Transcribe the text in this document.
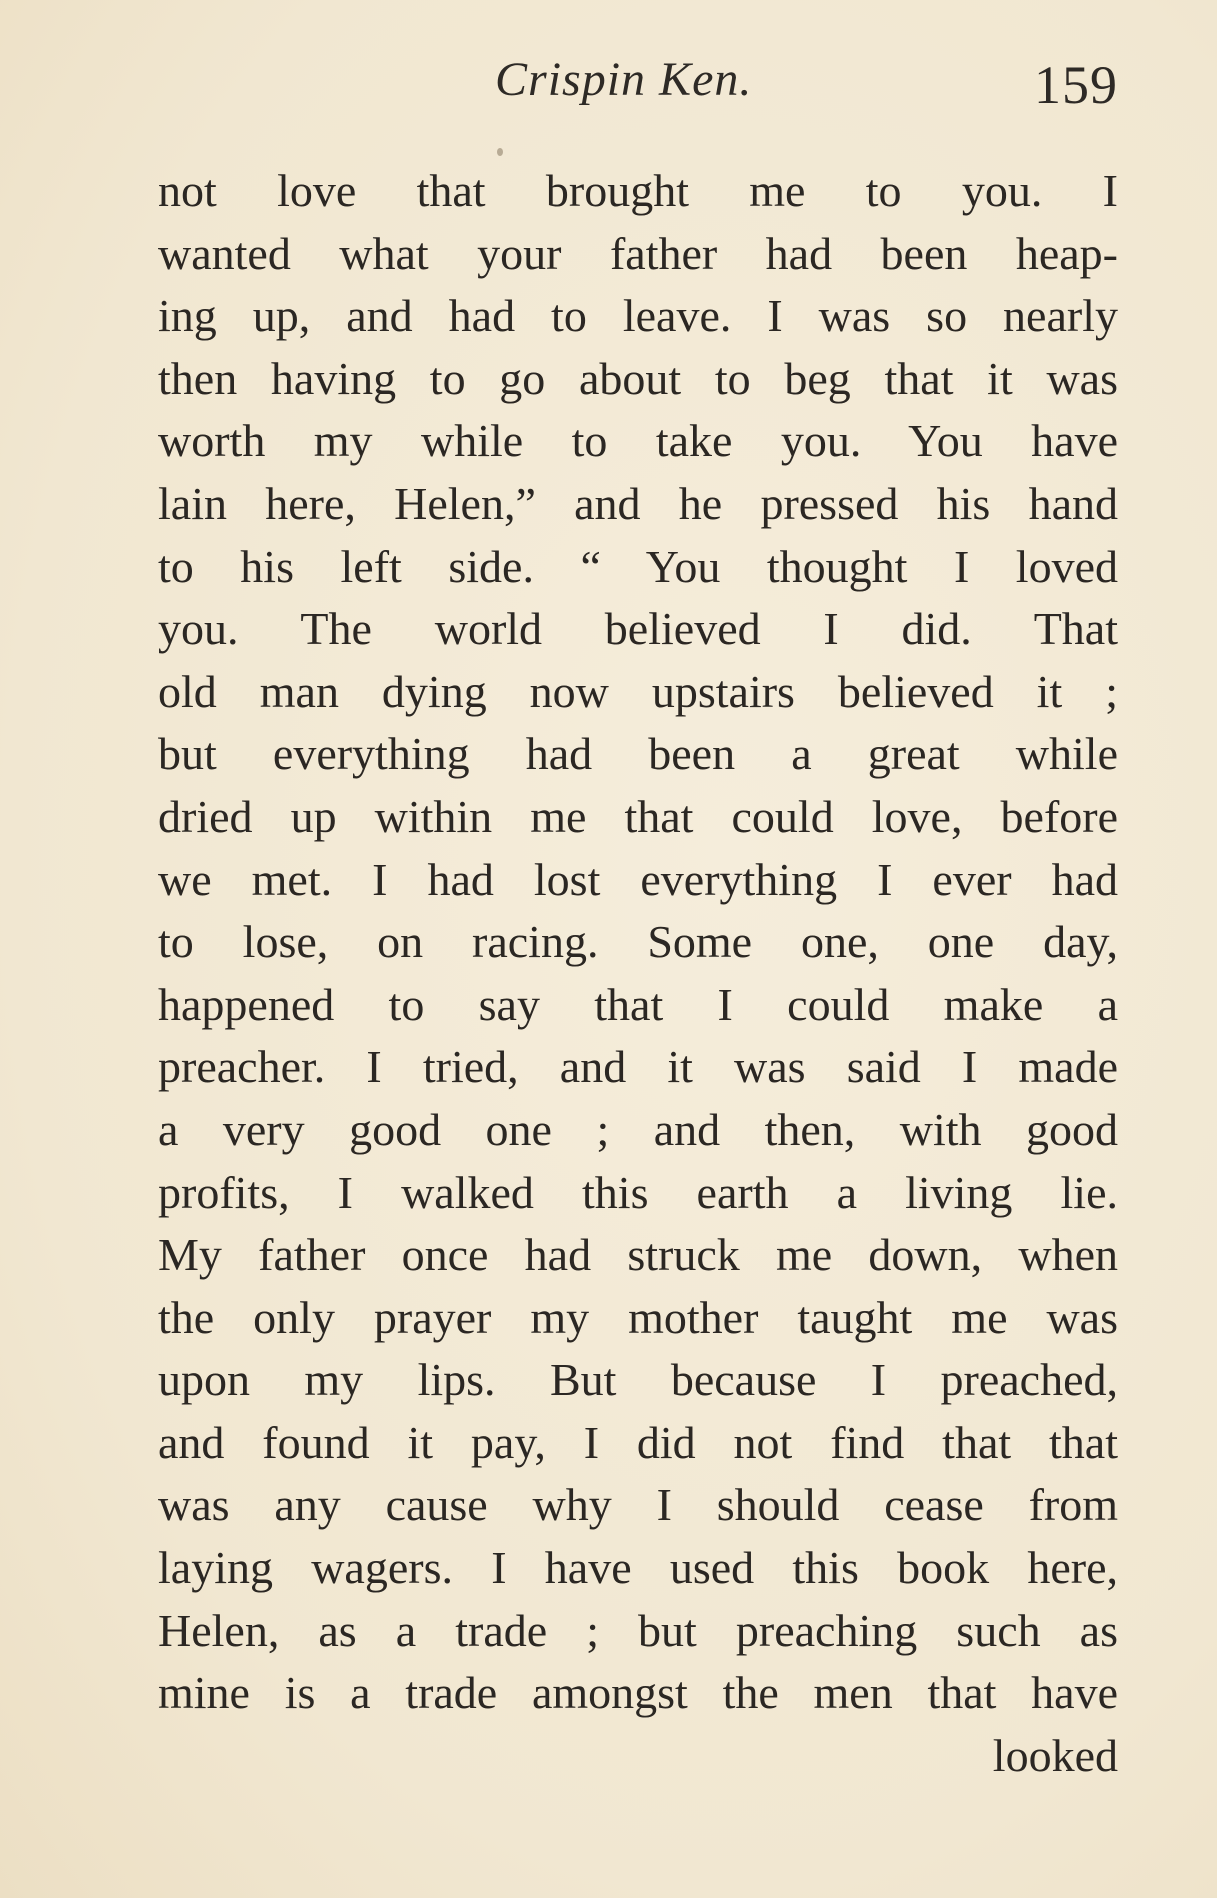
Crispin Ken.	159
not love that brought me to you. I
wanted what your father had been heap-
ing up, and had to leave. I was so nearly
then having to go about to beg that it was
worth my while to take you. You have
lain here, Helen,” and he pressed his hand
to his left side. “ You thought I loved
you. The world believed I did. That
old man dying now upstairs believed it ;
but everything had been a great while
dried up within me that could love, before
we met. I had lost everything I ever had
to lose, on racing. Some one, one day,
happened to say that I could make a
preacher. I tried, and it was said I made
a very good one ; and then, with good
profits, I walked this earth a living lie.
My father once had struck me down, when
the only prayer my mother taught me was
upon my lips. But because I preached,
and found it pay, I did not find that that
was any cause why I should cease from
laying wagers. I have used this book here,
Helen, as a trade ; but preaching such as
mine is a trade amongst the men that have
looked
